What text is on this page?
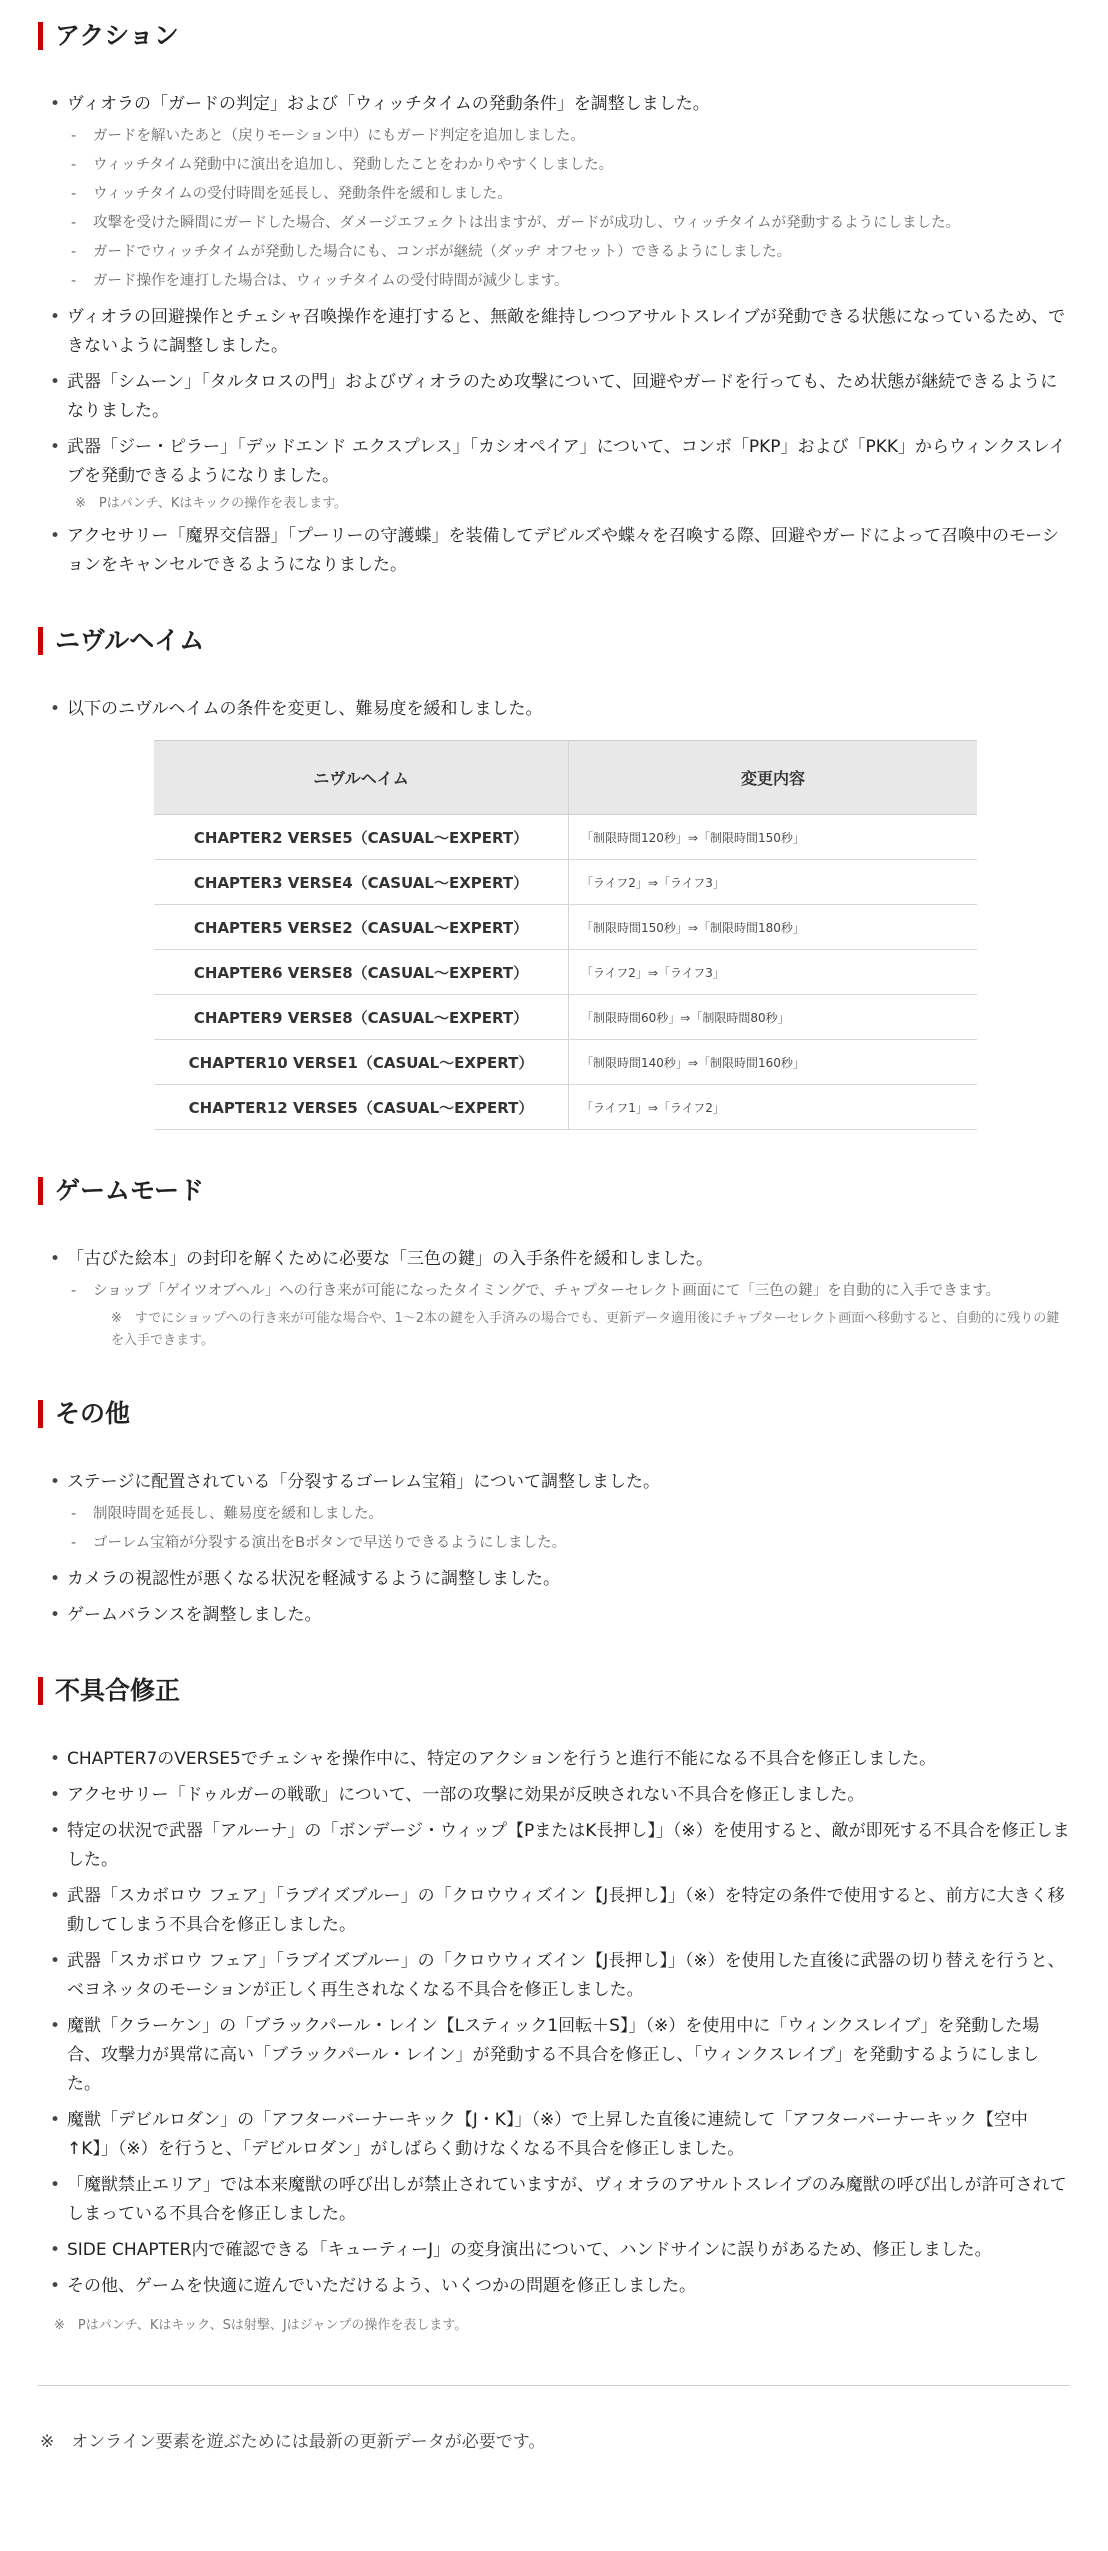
アクション
• ヴィオラの「ガードの判定」および「ウィッチタイムの発動条件」を調整しました。
- ガードを解いたあと（戻りモーション中）にもガード判定を追加しました。
- ウィッチタイム発動中に演出を追加し、発動したことをわかりやすくしました。
- ウィッチタイムの受付時間を延長し、発動条件を緩和しました。
- 攻撃を受けた瞬間にガードした場合、ダメージエフェクトは出ますが、ガードが成功し、ウィッチタイムが発動するようにしました。
- ガードでウィッチタイムが発動した場合にも、コンボが継続（ダッヂ オフセット）できるようにしました。
- ガード操作を連打した場合は、ウィッチタイムの受付時間が減少します。
• ヴィオラの回避操作とチェシャ召喚操作を連打すると、無敵を維持しつつアサルトスレイブが発動できる状態になっているため、できないように調整しました。
• 武器「シムーン」「タルタロスの門」およびヴィオラのため攻撃について、回避やガードを行っても、ため状態が継続できるようになりました。
• 武器「ジー・ピラー」「デッドエンド エクスプレス」「カシオペイア」について、コンボ「PKP」および「PKK」からウィンクスレイブを発動できるようになりました。
※　Pはパンチ、Kはキックの操作を表します。
• アクセサリー「魔界交信器」「プーリーの守護蝶」を装備してデビルズや蝶々を召喚する際、回避やガードによって召喚中のモーションをキャンセルできるようになりました。
ニヴルヘイム
• 以下のニヴルヘイムの条件を変更し、難易度を緩和しました。
ニヴルヘイム	変更内容
CHAPTER2 VERSE5（CASUAL～EXPERT）	「制限時間120秒」⇒「制限時間150秒」
CHAPTER3 VERSE4（CASUAL～EXPERT）	「ライフ2」⇒「ライフ3」
CHAPTER5 VERSE2（CASUAL～EXPERT）	「制限時間150秒」⇒「制限時間180秒」
CHAPTER6 VERSE8（CASUAL～EXPERT）	「ライフ2」⇒「ライフ3」
CHAPTER9 VERSE8（CASUAL～EXPERT）	「制限時間60秒」⇒「制限時間80秒」
CHAPTER10 VERSE1（CASUAL～EXPERT）	「制限時間140秒」⇒「制限時間160秒」
CHAPTER12 VERSE5（CASUAL～EXPERT）	「ライフ1」⇒「ライフ2」
ゲームモード
• 「古びた絵本」の封印を解くために必要な「三色の鍵」の入手条件を緩和しました。
- ショップ「ゲイツオブヘル」への行き来が可能になったタイミングで、チャプターセレクト画面にて「三色の鍵」を自動的に入手できます。
※　すでにショップへの行き来が可能な場合や、1～2本の鍵を入手済みの場合でも、更新データ適用後にチャプターセレクト画面へ移動すると、自動的に残りの鍵を入手できます。
その他
• ステージに配置されている「分裂するゴーレム宝箱」について調整しました。
- 制限時間を延長し、難易度を緩和しました。
- ゴーレム宝箱が分裂する演出をBボタンで早送りできるようにしました。
• カメラの視認性が悪くなる状況を軽減するように調整しました。
• ゲームバランスを調整しました。
不具合修正
• CHAPTER7のVERSE5でチェシャを操作中に、特定のアクションを行うと進行不能になる不具合を修正しました。
• アクセサリー「ドゥルガーの戦歌」について、一部の攻撃に効果が反映されない不具合を修正しました。
• 特定の状況で武器「アルーナ」の「ボンデージ・ウィップ【PまたはK長押し】」（※）を使用すると、敵が即死する不具合を修正しました。
• 武器「スカボロウ フェア」「ラブイズブルー」の「クロウウィズイン【J長押し】」（※）を特定の条件で使用すると、前方に大きく移動してしまう不具合を修正しました。
• 武器「スカボロウ フェア」「ラブイズブルー」の「クロウウィズイン【J長押し】」（※）を使用した直後に武器の切り替えを行うと、ベヨネッタのモーションが正しく再生されなくなる不具合を修正しました。
• 魔獣「クラーケン」の「ブラックパール・レイン【Lスティック1回転＋S】」（※）を使用中に「ウィンクスレイブ」を発動した場合、攻撃力が異常に高い「ブラックパール・レイン」が発動する不具合を修正し、「ウィンクスレイブ」を発動するようにしました。
• 魔獣「デビルロダン」の「アフターバーナーキック【J・K】」（※）で上昇した直後に連続して「アフターバーナーキック【空中↑K】」（※）を行うと、「デビルロダン」がしばらく動けなくなる不具合を修正しました。
• 「魔獣禁止エリア」では本来魔獣の呼び出しが禁止されていますが、ヴィオラのアサルトスレイブのみ魔獣の呼び出しが許可されてしまっている不具合を修正しました。
• SIDE CHAPTER内で確認できる「キューティーJ」の変身演出について、ハンドサインに誤りがあるため、修正しました。
• その他、ゲームを快適に遊んでいただけるよう、いくつかの問題を修正しました。
※　Pはパンチ、Kはキック、Sは射撃、Jはジャンプの操作を表します。
※　オンライン要素を遊ぶためには最新の更新データが必要です。
